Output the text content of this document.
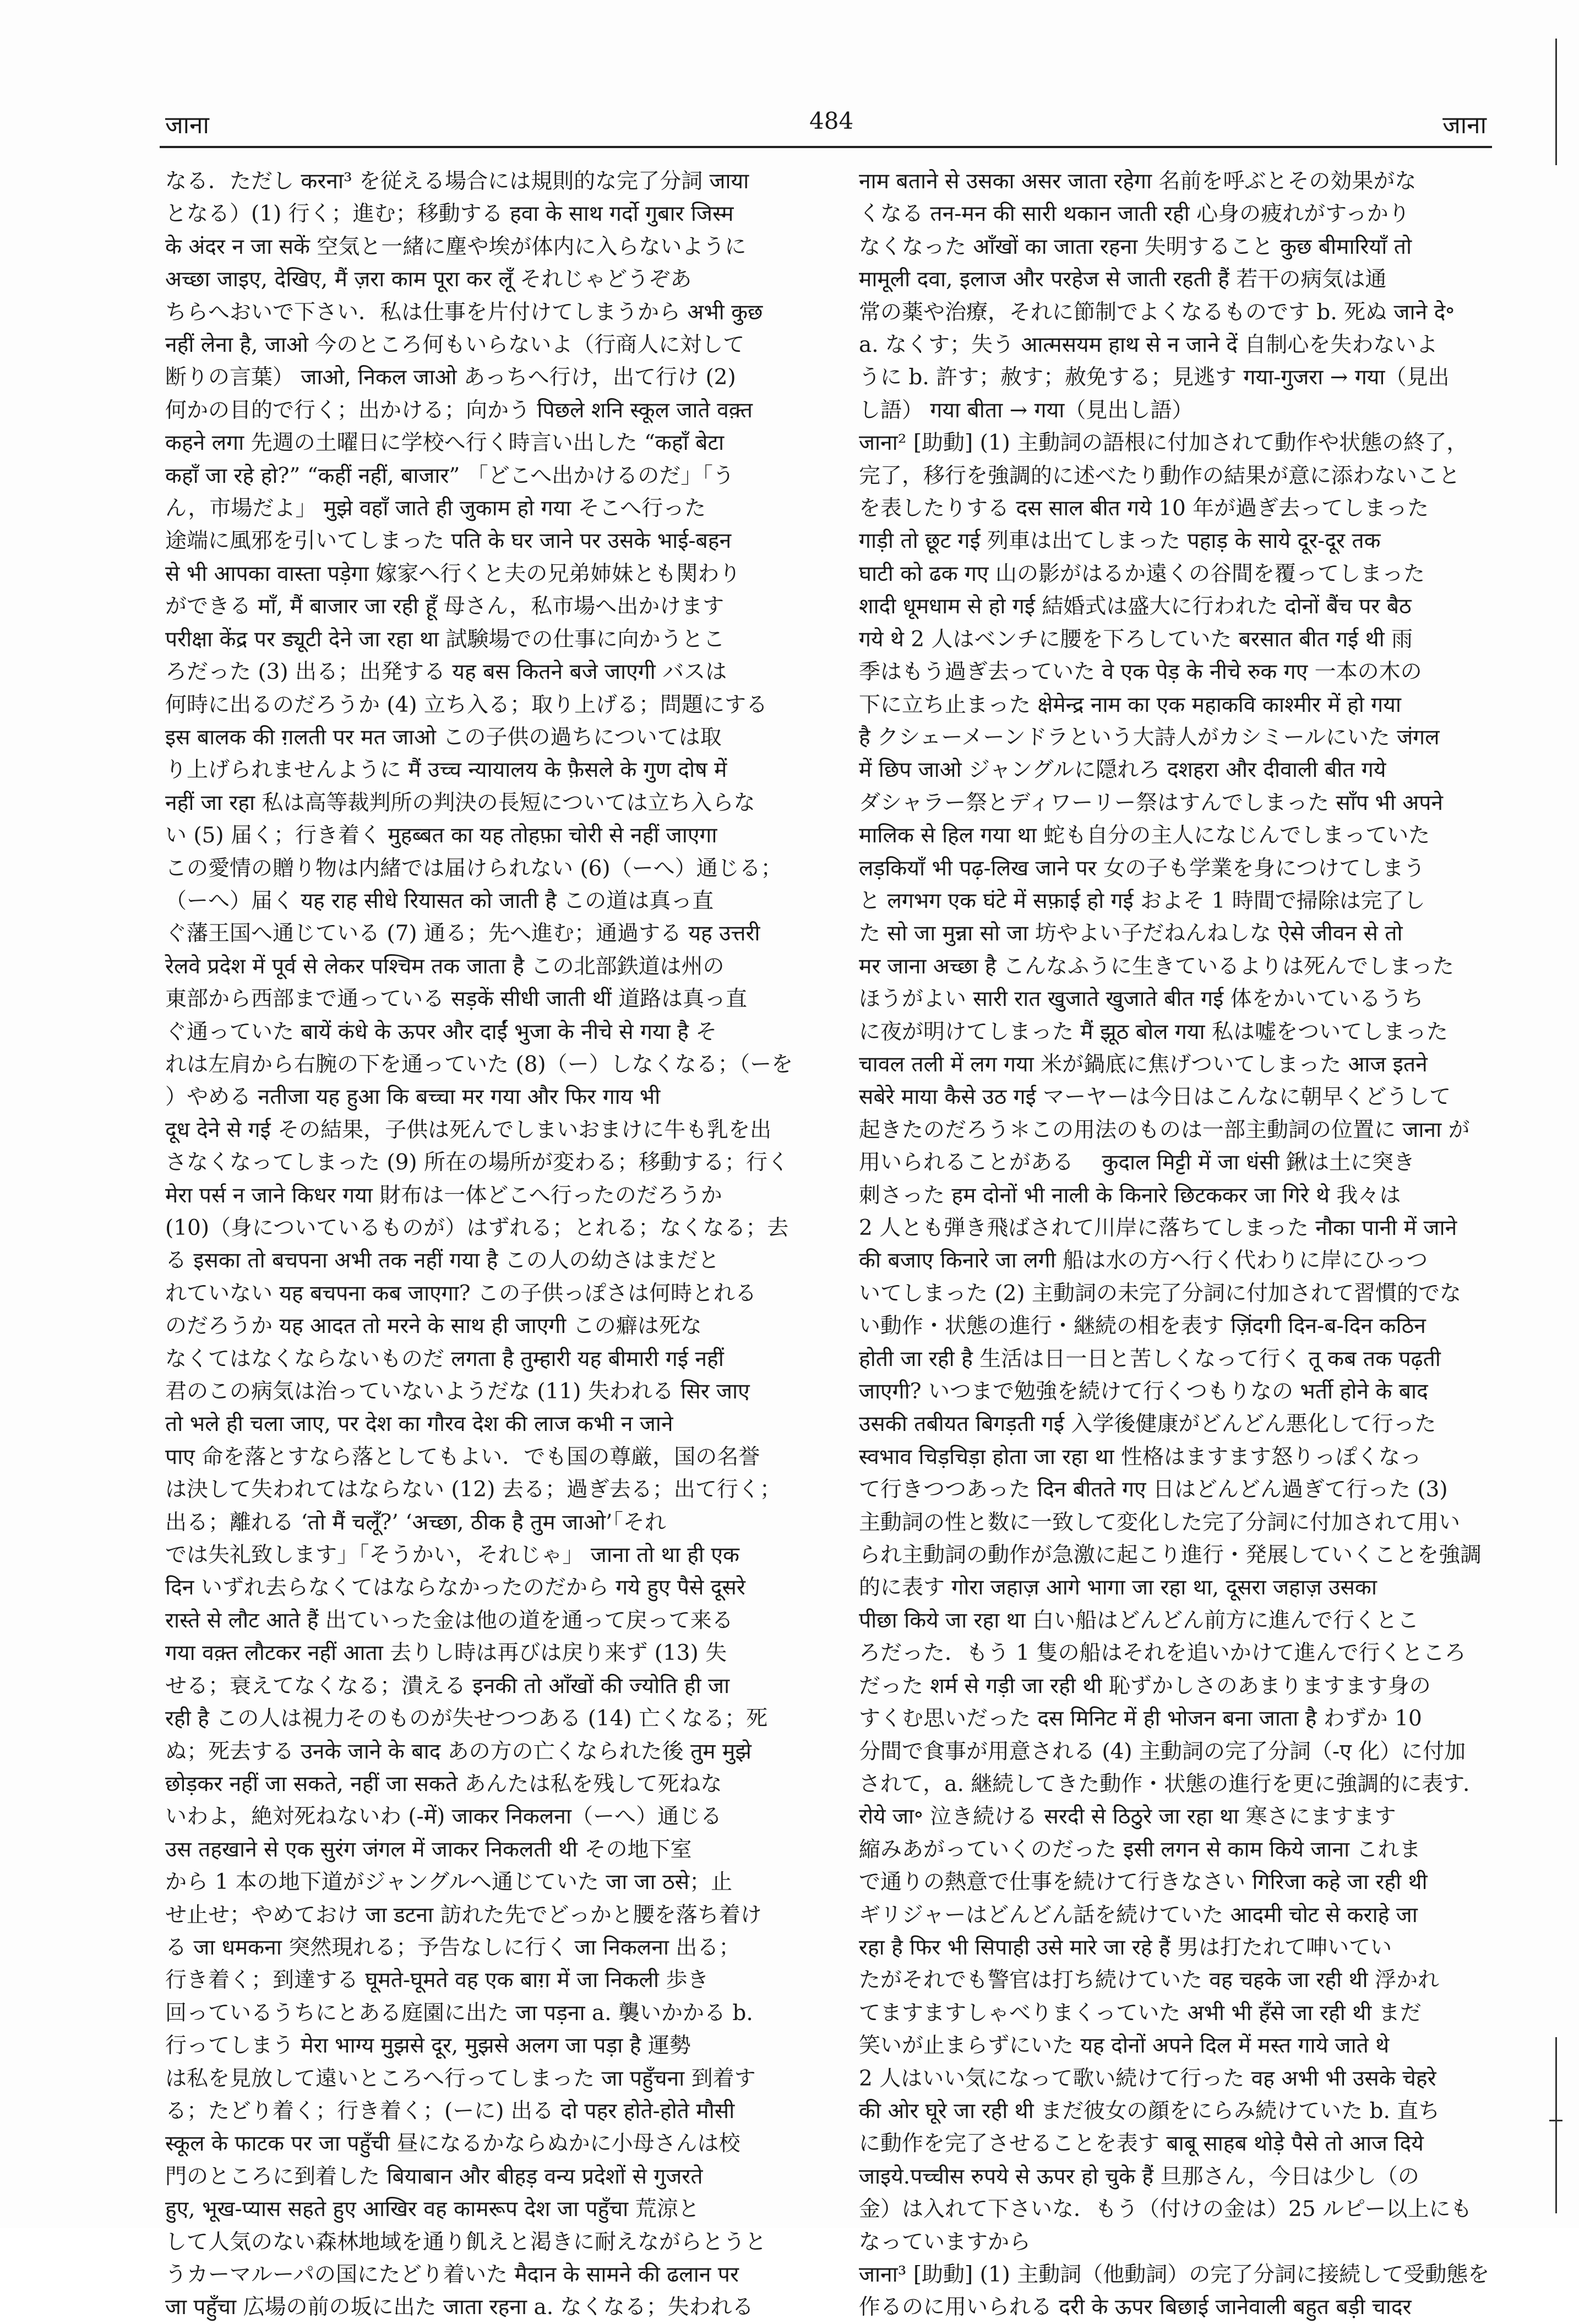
जाना	484	जाना
なる．ただし करना³ を従える場合には規則的な完了分詞 जाया
となる）(1) 行く；進む；移動する हवा के साथ गर्दो गुबार जिस्म
के अंदर न जा सकें 空気と一緒に塵や埃が体内に入らないように
अच्छा जाइए, देखिए, मैं ज़रा काम पूरा कर लूँ それじゃどうぞあ
ちらへおいで下さい．私は仕事を片付けてしまうから अभी कुछ
नहीं लेना है, जाओ 今のところ何もいらないよ（行商人に対して
断りの言葉） जाओ, निकल जाओ あっちへ行け，出て行け (2)
何かの目的で行く；出かける；向かう पिछले शनि स्कूल जाते वक़्त
कहने लगा 先週の土曜日に学校へ行く時言い出した “कहाँ बेटा
कहाँ जा रहे हो?” “कहीं नहीं, बाजार” 「どこへ出かけるのだ」「う
ん，市場だよ」 मुझे वहाँ जाते ही जुकाम हो गया そこへ行った
途端に風邪を引いてしまった पति के घर जाने पर उसके भाई-बहन
से भी आपका वास्ता पड़ेगा 嫁家へ行くと夫の兄弟姉妹とも関わり
ができる माँ, मैं बाजार जा रही हूँ 母さん，私市場へ出かけます
परीक्षा केंद्र पर ड्यूटी देने जा रहा था 試験場での仕事に向かうとこ
ろだった (3) 出る；出発する यह बस कितने बजे जाएगी バスは
何時に出るのだろうか (4) 立ち入る；取り上げる；問題にする
इस बालक की ग़लती पर मत जाओ この子供の過ちについては取
り上げられませんように मैं उच्च न्यायालय के फ़ैसले के गुण दोष में
नहीं जा रहा 私は高等裁判所の判決の長短については立ち入らな
い (5) 届く；行き着く मुहब्बत का यह तोहफ़ा चोरी से नहीं जाएगा
この愛情の贈り物は内緒では届けられない (6)（ーへ）通じる；
（ーへ）届く यह राह सीधे रियासत को जाती है この道は真っ直
ぐ藩王国へ通じている (7) 通る；先へ進む；通過する यह उत्तरी
रेलवे प्रदेश में पूर्व से लेकर पश्चिम तक जाता है この北部鉄道は州の
東部から西部まで通っている सड़कें सीधी जाती थीं 道路は真っ直
ぐ通っていた बायें कंधे के ऊपर और दाईं भुजा के नीचे से गया है そ
れは左肩から右腕の下を通っていた (8)（ー）しなくなる；（ーを
）やめる नतीजा यह हुआ कि बच्चा मर गया और फिर गाय भी
दूध देने से गई その結果，子供は死んでしまいおまけに牛も乳を出
さなくなってしまった (9) 所在の場所が変わる；移動する；行く
मेरा पर्स न जाने किधर गया 財布は一体どこへ行ったのだろうか
(10)（身についているものが）はずれる；とれる；なくなる；去
る इसका तो बचपना अभी तक नहीं गया है この人の幼さはまだと
れていない यह बचपना कब जाएगा? この子供っぽさは何時とれる
のだろうか यह आदत तो मरने के साथ ही जाएगी この癖は死な
なくてはなくならないものだ लगता है तुम्हारी यह बीमारी गई नहीं
君のこの病気は治っていないようだな (11) 失われる सिर जाए
तो भले ही चला जाए, पर देश का गौरव देश की लाज कभी न जाने
पाए 命を落とすなら落としてもよい．でも国の尊厳，国の名誉
は決して失われてはならない (12) 去る；過ぎ去る；出て行く；
出る；離れる ‘तो मैं चलूँ?’ ‘अच्छा, ठीक है तुम जाओ’「それ
では失礼致します」「そうかい，それじゃ」 जाना तो था ही एक
दिन いずれ去らなくてはならなかったのだから गये हुए पैसे दूसरे
रास्ते से लौट आते हैं 出ていった金は他の道を通って戻って来る
गया वक़्त लौटकर नहीं आता 去りし時は再びは戻り来ず (13) 失
せる；衰えてなくなる；潰える इनकी तो आँखों की ज्योति ही जा
रही है この人は視力そのものが失せつつある (14) 亡くなる；死
ぬ；死去する उनके जाने के बाद あの方の亡くなられた後 तुम मुझे
छोड़कर नहीं जा सकते, नहीं जा सकते あんたは私を残して死ねな
いわよ，絶対死ねないわ (-में) जाकर निकलना（ーへ）通じる
उस तहखाने से एक सुरंग जंगल में जाकर निकलती थी その地下室
から 1 本の地下道がジャングルへ通じていた जा जा ठसे；止
せ止せ；やめておけ जा डटना 訪れた先でどっかと腰を落ち着け
る जा धमकना 突然現れる；予告なしに行く जा निकलना 出る；
行き着く；到達する घूमते-घूमते वह एक बाग़ में जा निकली 歩き
回っているうちにとある庭園に出た जा पड़ना a. 襲いかかる b.
行ってしまう मेरा भाग्य मुझसे दूर, मुझसे अलग जा पड़ा है 運勢
は私を見放して遠いところへ行ってしまった जा पहुँचना 到着す
る；たどり着く；行き着く；(ーに) 出る दो पहर होते-होते मौसी
स्कूल के फाटक पर जा पहुँची 昼になるかならぬかに小母さんは校
門のところに到着した बियाबान और बीहड़ वन्य प्रदेशों से गुजरते
हुए, भूख-प्यास सहते हुए आखिर वह कामरूप देश जा पहुँचा 荒涼と
して人気のない森林地域を通り飢えと渇きに耐えながらとうと
うカーマルーパの国にたどり着いた मैदान के सामने की ढलान पर
जा पहुँचा 広場の前の坂に出た जाता रहना a. なくなる；失われる
नाम बताने से उसका असर जाता रहेगा 名前を呼ぶとその効果がな
くなる तन-मन की सारी थकान जाती रही 心身の疲れがすっかり
なくなった आँखों का जाता रहना 失明すること कुछ बीमारियाँ तो
मामूली दवा, इलाज और परहेज से जाती रहती हैं 若干の病気は通
常の薬や治療，それに節制でよくなるものです b. 死ぬ जाने दे॰
a. なくす；失う आत्मसयम हाथ से न जाने दें 自制心を失わないよ
うに b. 許す；赦す；赦免する；見逃す गया-गुजरा → गया（見出
し語） गया बीता → गया（見出し語）
जाना² [助動] (1) 主動詞の語根に付加されて動作や状態の終了，
完了，移行を強調的に述べたり動作の結果が意に添わないこと
を表したりする दस साल बीत गये 10 年が過ぎ去ってしまった
गाड़ी तो छूट गई 列車は出てしまった पहाड़ के साये दूर-दूर तक
घाटी को ढक गए 山の影がはるか遠くの谷間を覆ってしまった
शादी धूमधाम से हो गई 結婚式は盛大に行われた दोनों बैंच पर बैठ
गये थे 2 人はベンチに腰を下ろしていた बरसात बीत गई थी 雨
季はもう過ぎ去っていた वे एक पेड़ के नीचे रुक गए 一本の木の
下に立ち止まった क्षेमेन्द्र नाम का एक महाकवि काश्मीर में हो गया
है クシェーメーンドラという大詩人がカシミールにいた जंगल
में छिप जाओ ジャングルに隠れろ दशहरा और दीवाली बीत गये
ダシャラー祭とディワーリー祭はすんでしまった साँप भी अपने
मालिक से हिल गया था 蛇も自分の主人になじんでしまっていた
लड़कियाँ भी पढ़-लिख जाने पर 女の子も学業を身につけてしまう
と लगभग एक घंटे में सफ़ाई हो गई およそ 1 時間で掃除は完了し
た सो जा मुन्ना सो जा 坊やよい子だねんねしな ऐसे जीवन से तो
मर जाना अच्छा है こんなふうに生きているよりは死んでしまった
ほうがよい सारी रात खुजाते खुजाते बीत गई 体をかいているうち
に夜が明けてしまった मैं झूठ बोल गया 私は嘘をついてしまった
चावल तली में लग गया 米が鍋底に焦げついてしまった आज इतने
सबेरे माया कैसे उठ गई マーヤーは今日はこんなに朝早くどうして
起きたのだろう＊この用法のものは一部主動詞の位置に जाना が
用いられることがある　 कुदाल मिट्टी में जा धंसी 鍬は土に突き
刺さった हम दोनों भी नाली के किनारे छिटककर जा गिरे थे 我々は
2 人とも弾き飛ばされて川岸に落ちてしまった नौका पानी में जाने
की बजाए किनारे जा लगी 船は水の方へ行く代わりに岸にひっつ
いてしまった (2) 主動詞の未完了分詞に付加されて習慣的でな
い動作・状態の進行・継続の相を表す ज़िंदगी दिन-ब-दिन कठिन
होती जा रही है 生活は日一日と苦しくなって行く तू कब तक पढ़ती
जाएगी? いつまで勉強を続けて行くつもりなの भर्ती होने के बाद
उसकी तबीयत बिगड़ती गई 入学後健康がどんどん悪化して行った
स्वभाव चिड़चिड़ा होता जा रहा था 性格はますます怒りっぽくなっ
て行きつつあった दिन बीतते गए 日はどんどん過ぎて行った (3)
主動詞の性と数に一致して変化した完了分詞に付加されて用い
られ主動詞の動作が急激に起こり進行・発展していくことを強調
的に表す गोरा जहाज़ आगे भागा जा रहा था, दूसरा जहाज़ उसका
पीछा किये जा रहा था 白い船はどんどん前方に進んで行くとこ
ろだった．もう 1 隻の船はそれを追いかけて進んで行くところ
だった शर्म से गड़ी जा रही थी 恥ずかしさのあまりますます身の
すくむ思いだった दस मिनिट में ही भोजन बना जाता है わずか 10
分間で食事が用意される (4) 主動詞の完了分詞（-ए 化）に付加
されて，a. 継続してきた動作・状態の進行を更に強調的に表す．
रोये जा॰ 泣き続ける सरदी से ठिठुरे जा रहा था 寒さにますます
縮みあがっていくのだった इसी लगन से काम किये जाना これま
で通りの熱意で仕事を続けて行きなさい गिरिजा कहे जा रही थी
ギリジャーはどんどん話を続けていた आदमी चोट से कराहे जा
रहा है फिर भी सिपाही उसे मारे जा रहे हैं 男は打たれて呻いてい
たがそれでも警官は打ち続けていた वह चहके जा रही थी 浮かれ
てますますしゃべりまくっていた अभी भी हँसे जा रही थी まだ
笑いが止まらずにいた यह दोनों अपने दिल में मस्त गाये जाते थे
2 人はいい気になって歌い続けて行った वह अभी भी उसके चेहरे
की ओर घूरे जा रही थी まだ彼女の顔をにらみ続けていた b. 直ち
に動作を完了させることを表す बाबू साहब थोड़े पैसे तो आज दिये
जाइये.पच्चीस रुपये से ऊपर हो चुके हैं 旦那さん，今日は少し（の
金）は入れて下さいな．もう（付けの金は）25 ルピー以上にも
なっていますから
जाना³ [助動] (1) 主動詞（他動詞）の完了分詞に接続して受動態を
作るのに用いられる दरी के ऊपर बिछाई जानेवाली बहुत बड़ी चादर
